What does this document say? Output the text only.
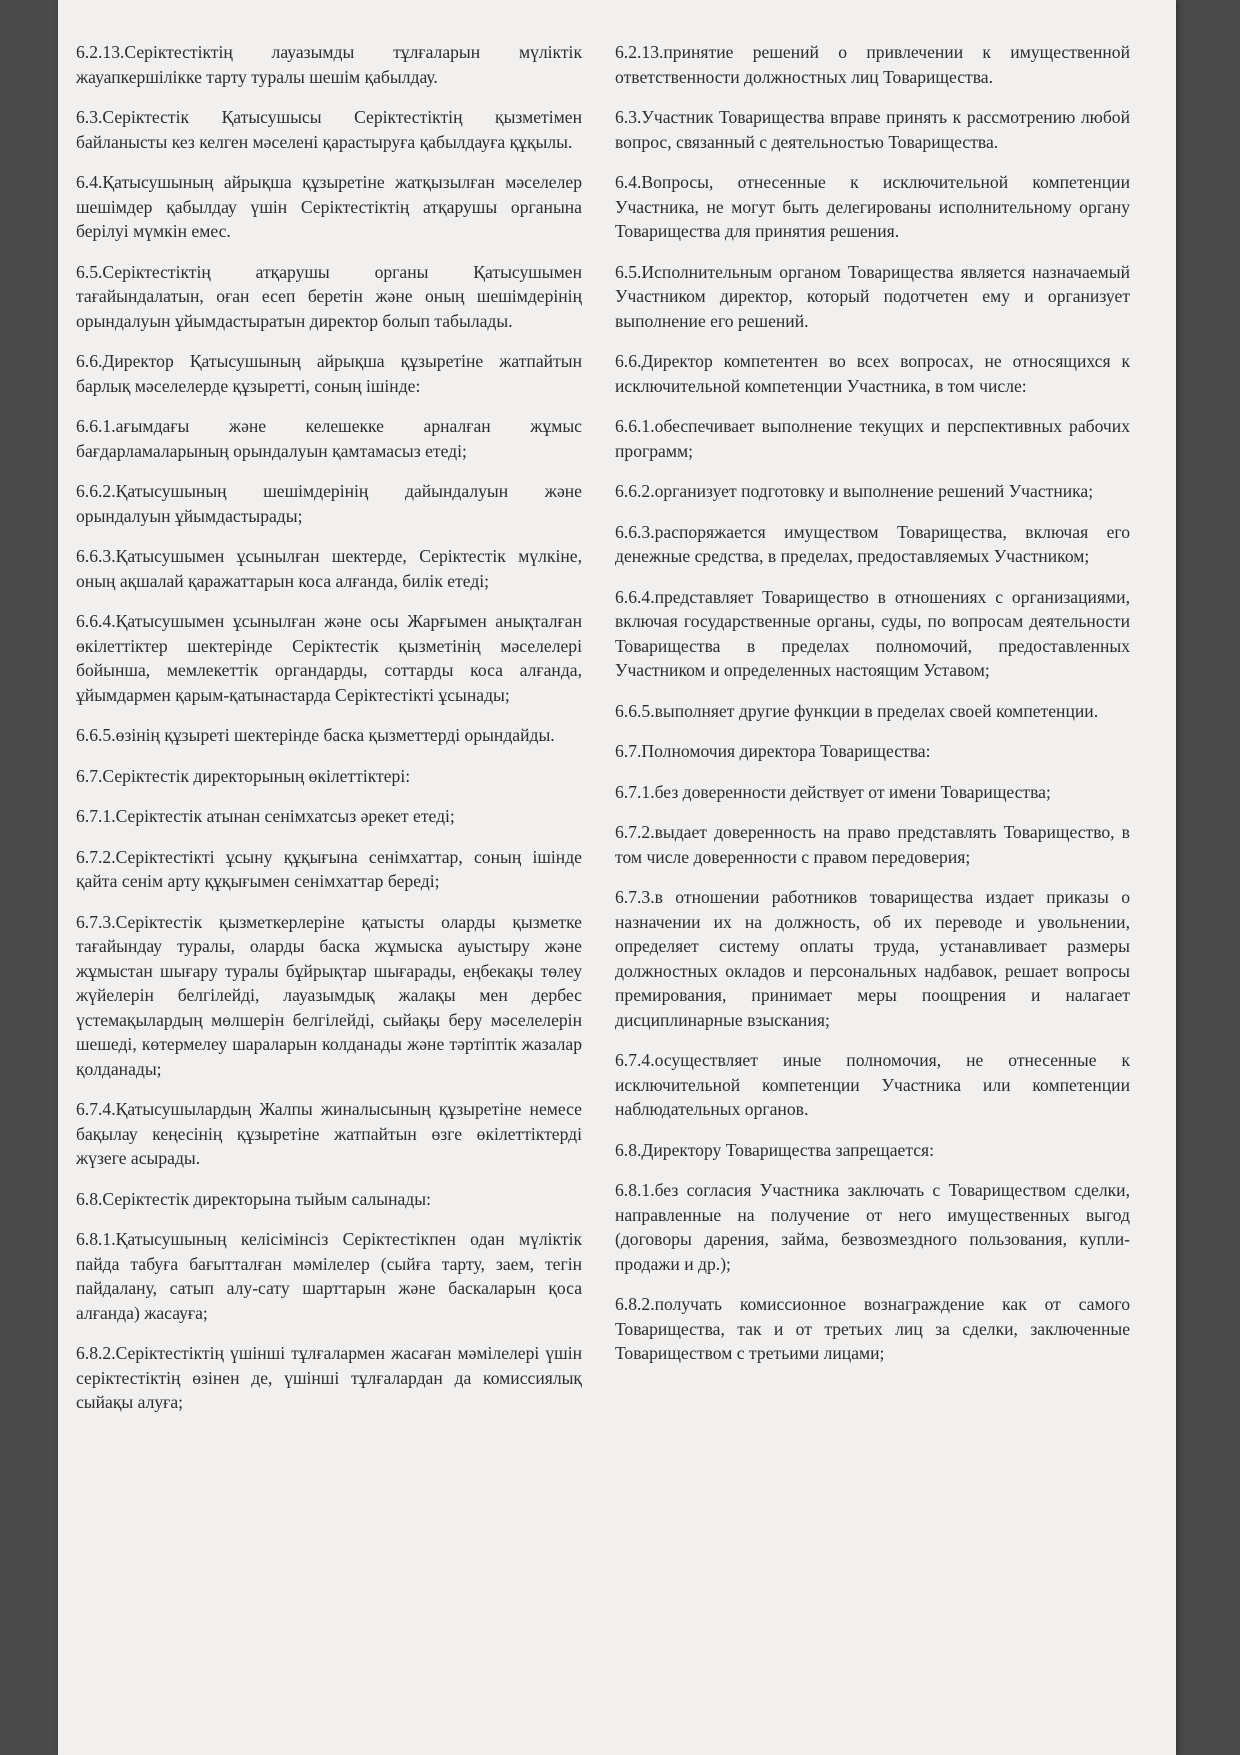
6.2.13.Серіктестіктің лауазымды тұлғаларын мүліктік жауапкершілікке тарту туралы шешім қабылдау.

6.3.Серіктестік Қатысушысы Серіктестіктің қызметімен байланысты кез келген мәселені қарастыруға қабылдауға құқылы.

6.4.Қатысушының айрықша құзыретіне жатқызылған мәселелер шешімдер қабылдау үшін Серіктестіктің атқарушы органына берілуі мүмкін емес.

6.5.Серіктестіктің атқарушы органы Қатысушымен тағайындалатын, оған есеп беретін және оның шешімдерінің орындалуын ұйымдастыратын директор болып табылады.

6.6.Директор Қатысушының айрықша құзыретіне жатпайтын барлық мәселелерде құзыретті, соның ішінде:

6.6.1.ағымдағы және келешекке арналған жұмыс бағдарламаларының орындалуын қамтамасыз етеді;

6.6.2.Қатысушының шешімдерінің дайындалуын және орындалуын ұйымдастырады;

6.6.3.Қатысушымен ұсынылған шектерде, Серіктестік мүлкіне, оның ақшалай қаражаттарын коса алғанда, билік етеді;

6.6.4.Қатысушымен ұсынылған және осы Жарғымен анықталған өкілеттіктер шектерінде Серіктестік қызметінің мәселелері бойынша, мемлекеттік органдарды, соттарды коса алғанда, ұйымдармен қарым-қатынастарда Серіктестікті ұсынады;

6.6.5.өзінің құзыреті шектерінде баска қызметтерді орындайды.

6.7.Серіктестік директорының өкілеттіктері:

6.7.1.Серіктестік атынан сенімхатсыз әрекет етеді;

6.7.2.Серіктестікті ұсыну құқығына сенімхаттар, соның ішінде қайта сенім арту құқығымен сенімхаттар береді;

6.7.3.Серіктестік қызметкерлеріне қатысты оларды қызметке тағайындау туралы, оларды баска жұмыска ауыстыру және жұмыстан шығару туралы бұйрықтар шығарады, еңбекақы төлеу жүйелерін белгілейді, лауазымдық жалақы мен дербес үстемақылардың мөлшерін белгілейді, сыйақы беру мәселелерін шешеді, көтермелеу шараларын колданады және тәртіптік жазалар қолданады;

6.7.4.Қатысушылардың Жалпы жиналысының құзыретіне немесе бақылау кеңесінің құзыретіне жатпайтын өзге өкілеттіктерді жүзеге асырады.

6.8.Серіктестік директорына тыйым салынады:

6.8.1.Қатысушының келісімінсіз Серіктестікпен одан мүліктік пайда табуға бағытталған мәмілелер (сыйға тарту, заем, тегін пайдалану, сатып алу-сату шарттарын және баскаларын қоса алғанда) жасауға;

6.8.2.Серіктестіктің үшінші тұлғалармен жасаған мәмілелері үшін серіктестіктің өзінен де, үшінші тұлғалардан да комиссиялық сыйақы алуға;

6.2.13.принятие решений о привлечении к имущественной ответственности должностных лиц Товарищества.

6.3.Участник Товарищества вправе принять к рассмотрению любой вопрос, связанный с деятельностью Товарищества.

6.4.Вопросы, отнесенные к исключительной компетенции Участника, не могут быть делегированы исполнительному органу Товарищества для принятия решения.

6.5.Исполнительным органом Товарищества является назначаемый Участником директор, который подотчетен ему и организует выполнение его решений.

6.6.Директор компетентен во всех вопросах, не относящихся к исключительной компетенции Участника, в том числе:

6.6.1.обеспечивает выполнение текущих и перспективных рабочих программ;

6.6.2.организует подготовку и выполнение решений Участника;

6.6.3.распоряжается имуществом Товарищества, включая его денежные средства, в пределах, предоставляемых Участником;

6.6.4.представляет Товарищество в отношениях с организациями, включая государственные органы, суды, по вопросам деятельности Товарищества в пределах полномочий, предоставленных Участником и определенных настоящим Уставом;

6.6.5.выполняет другие функции в пределах своей компетенции.

6.7.Полномочия директора Товарищества:

6.7.1.без доверенности действует от имени Товарищества;

6.7.2.выдает доверенность на право представлять Товарищество, в том числе доверенности с правом передоверия;

6.7.3.в отношении работников товарищества издает приказы о назначении их на должность, об их переводе и увольнении, определяет систему оплаты труда, устанавливает размеры должностных окладов и персональных надбавок, решает вопросы премирования, принимает меры поощрения и налагает дисциплинарные взыскания;

6.7.4.осуществляет иные полномочия, не отнесенные к исключительной компетенции Участника или компетенции наблюдательных органов.

6.8.Директору Товарищества запрещается:

6.8.1.без согласия Участника заключать с Товариществом сделки, направленные на получение от него имущественных выгод (договоры дарения, займа, безвозмездного пользования, купли-продажи и др.);

6.8.2.получать комиссионное вознаграждение как от самого Товарищества, так и от третьих лиц за сделки, заключенные Товариществом с третьими лицами;
